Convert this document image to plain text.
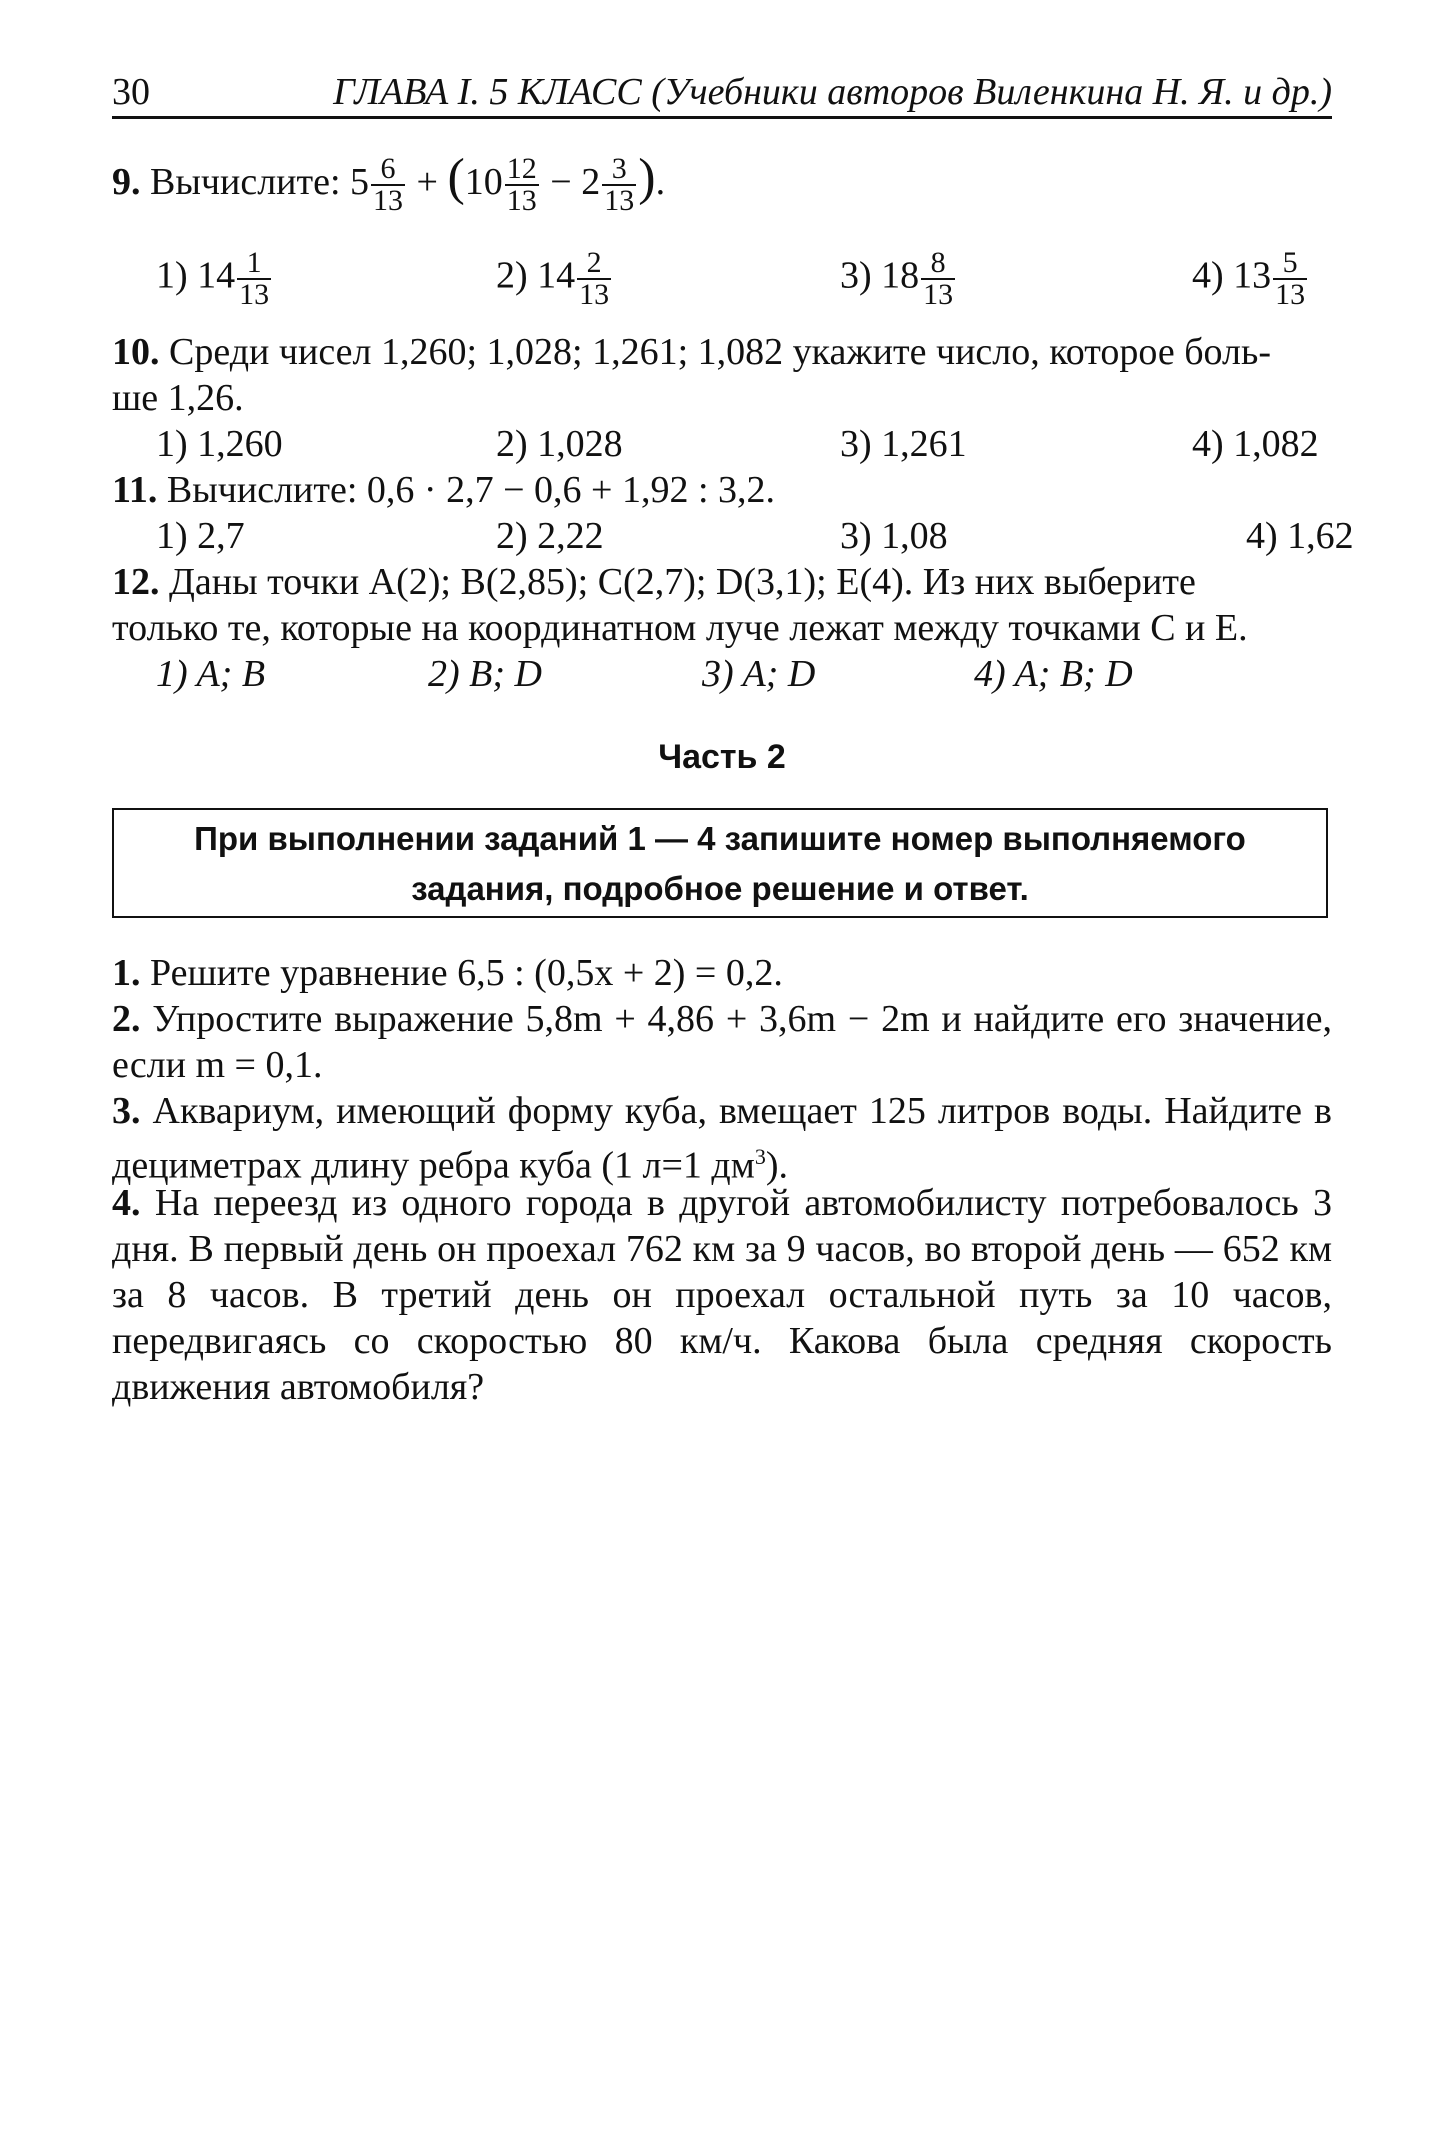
30	ГЛАВА I. 5 КЛАСС (Учебники авторов Виленкина Н. Я. и др.)
9. Вычислите: $5 \frac{6}{13} + (10 \frac{12}{13} - 2 \frac{3}{13}$ ).
1) $14 \frac{1}{13}$	2) $14 \frac{2}{13}$	3) $18 \frac{8}{13}$	4) $13 \frac{5}{13}$
10. Среди чисел 1,260; 1,028; 1,261; 1,082 укажите число, которое боль-
ше 1,26.
1) 1,260	2) 1,028	3) 1,261	4) 1,082
11. Вычислите: 0,6 · 2,7 − 0,6 + 1,92 : 3,2.
1) 2,7	2) 2,22	3) 1,08	4) 1,62
12. Даны точки A(2); B(2,85); C(2,7); D(3,1); E(4). Из них выберите
только те, которые на координатном луче лежат между точками C и E.
1) A; B	2) B; D	3) A; D	4) A; B; D
Часть 2
При выполнении заданий 1 — 4 запишите номер выполняемого
задания, подробное решение и ответ.
1. Решите уравнение 6,5 : (0,5x + 2) = 0,2.
2. Упростите выражение 5,8m + 4,86 + 3,6m − 2m и найдите его значение, если m = 0,1.
3. Аквариум, имеющий форму куба, вмещает 125 литров воды. Найдите в дециметрах длину ребра куба (1 л=1 $дм^3$).
4. На переезд из одного города в другой автомобилисту потребовалось 3 дня. В первый день он проехал 762 км за 9 часов, во второй день — 652 км за 8 часов. В третий день он проехал остальной путь за 10 часов, передвигаясь со скоростью 80 км/ч. Какова была средняя скорость движения автомобиля?
